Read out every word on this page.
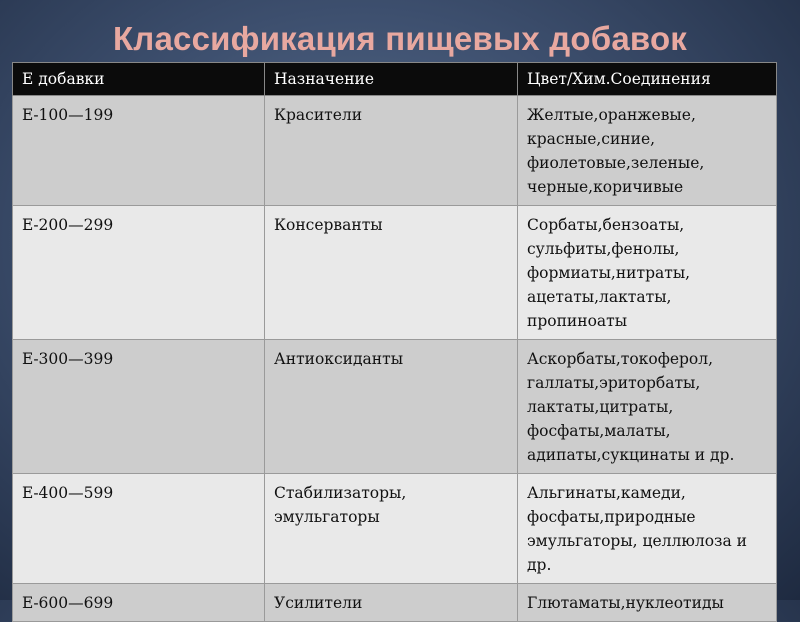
Классификация пищевых добавок
Е добавки	Назначение	Цвет/Хим.Соединения
Е-100—199	Красители	Желтые,оранжевые, красные,синие, фиолетовые,зеленые, черные,коричивые
Е-200—299	Консерванты	Сорбаты,бензоаты, сульфиты,фенолы, формиаты,нитраты, ацетаты,лактаты, пропиноаты
Е-300—399	Антиоксиданты	Аскорбаты,токоферол, галлаты,эриторбаты, лактаты,цитраты, фосфаты,малаты, адипаты,сукцинаты и др.
Е-400—599	Стабилизаторы, эмульгаторы	Альгинаты,камеди, фосфаты,природные эмульгаторы, целлюлоза и др.
Е-600—699	Усилители	Глютаматы,нуклеотиды
